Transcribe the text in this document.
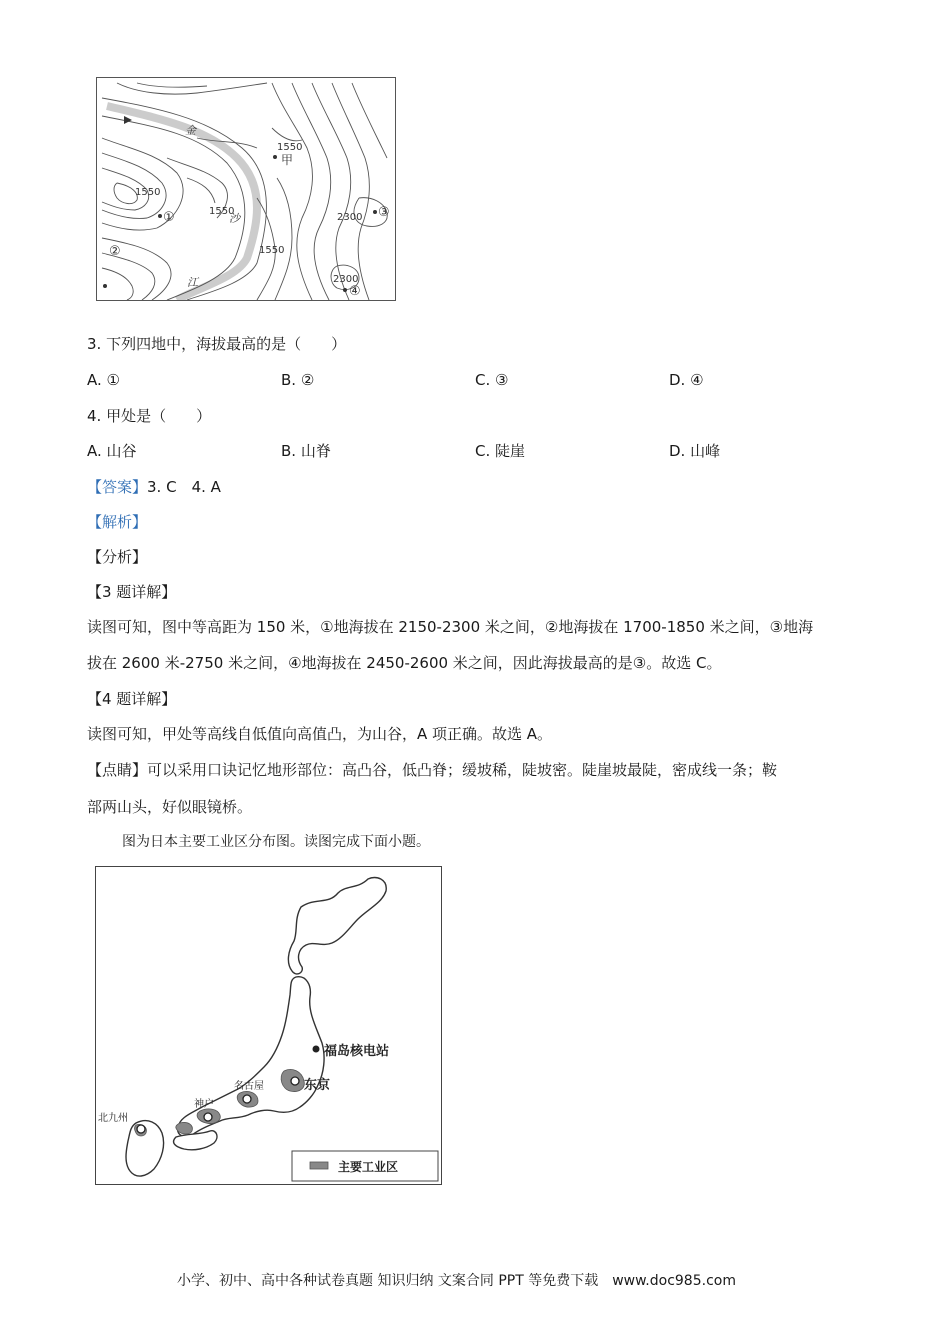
1550
1550
1550
1550
2300
2300
甲
金
沙
江
①
②
③
④
3. 下列四地中，海拔最高的是（　　）
A. ①	B. ②	C. ③	D. ④
4. 甲处是（　　）
A. 山谷	B. 山脊	C. 陡崖	D. 山峰
【答案】3. C　4. A
【解析】
【分析】
【3 题详解】
读图可知，图中等高距为 150 米，①地海拔在 2150-2300 米之间，②地海拔在 1700-1850 米之间，③地海
拔在 2600 米-2750 米之间，④地海拔在 2450-2600 米之间，因此海拔最高的是③。故选 C。
【4 题详解】
读图可知，甲处等高线自低值向高值凸，为山谷，A 项正确。故选 A。
【点睛】可以采用口诀记忆地形部位：高凸谷，低凸脊；缓坡稀，陡坡密。陡崖坡最陡，密成线一条；鞍
部两山头，好似眼镜桥。
图为日本主要工业区分布图。读图完成下面小题。
福岛核电站
东京
名古屋
神户
北九州
主要工业区
小学、初中、高中各种试卷真题 知识归纳 文案合同 PPT 等免费下载　www.doc985.com
